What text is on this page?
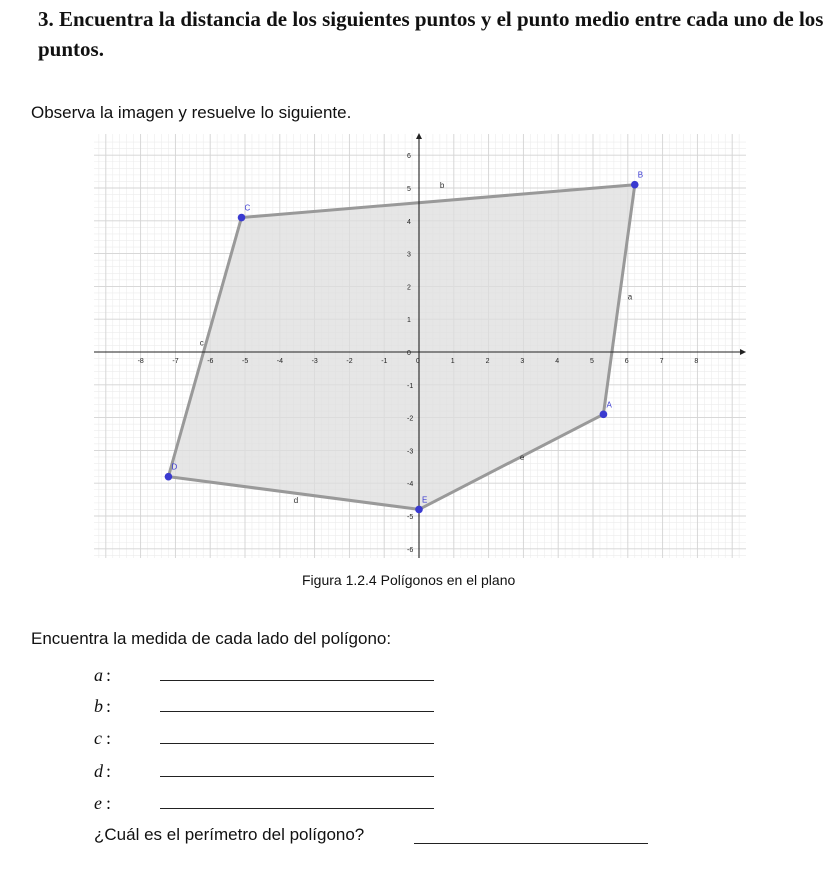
3. Encuentra la distancia de los siguientes puntos y el punto medio entre cada uno de los puntos.
Observa la imagen y resuelve lo siguiente.
-8	-7	-6	-5	-4	-3	-2	-1	0	1	2	3	4	5	6	7	8
-6
-5
-4
-3
-2
-1
0
1
2
3
4
5
6
a
b
c
d
e
A
B
C
D
E
Figura 1.2.4 Polígonos en el plano
Encuentra la medida de cada lado del polígono:
a :
b :
c :
d :
e :
¿Cuál es el perímetro del polígono?
